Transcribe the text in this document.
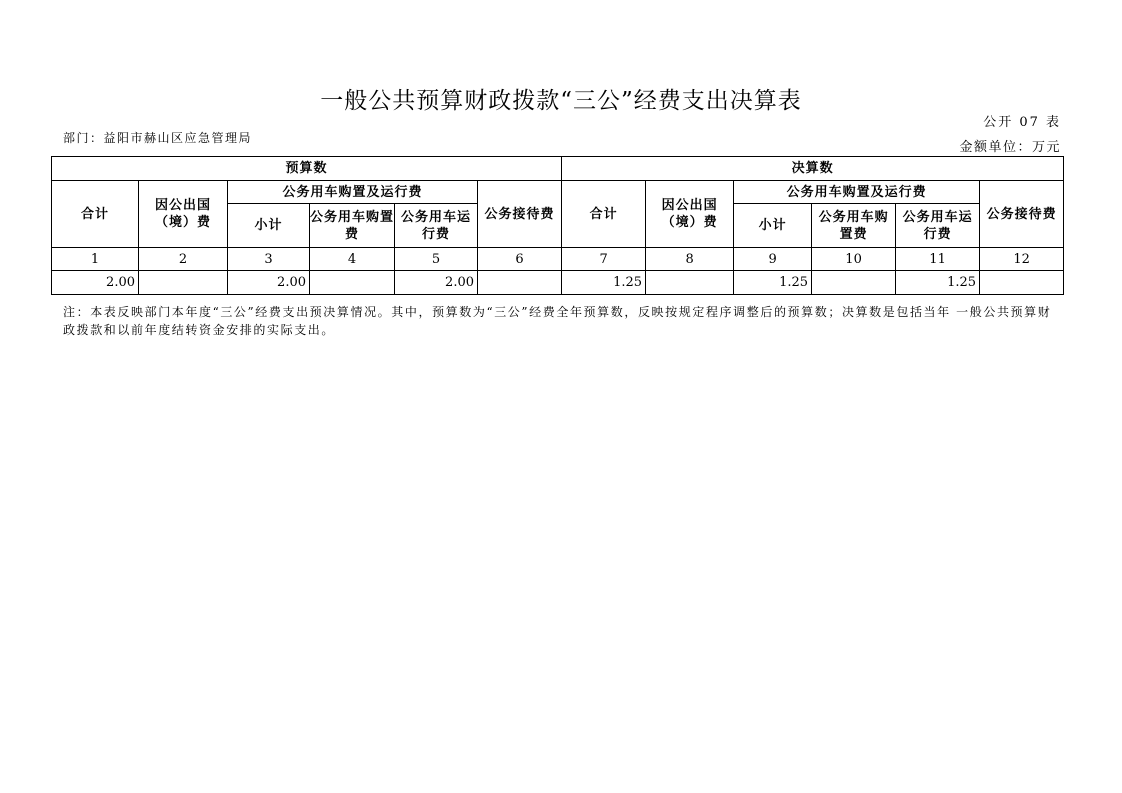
一般公共预算财政拨款“三公”经费支出决算表
公开 07 表
部门：益阳市赫山区应急管理局
金额单位：万元
预算数						决算数					
合计	因公出国（境）费	公务用车购置及运行费			公务接待费	合计	因公出国（境）费	公务用车购置及运行费			公务接待费
		小计	公务用车购置费	公务用车运行费				小计	公务用车购置费	公务用车运行费	
1	2	3	4	5	6	7	8	9	10	11	12
2.00		2.00		2.00		1.25		1.25		1.25	
注：本表反映部门本年度“三公”经费支出预决算情况。其中，预算数为“三公”经费全年预算数，反映按规定程序调整后的预算数；决算数是包括当年 一般公共预算财政拨款和以前年度结转资金安排的实际支出。
